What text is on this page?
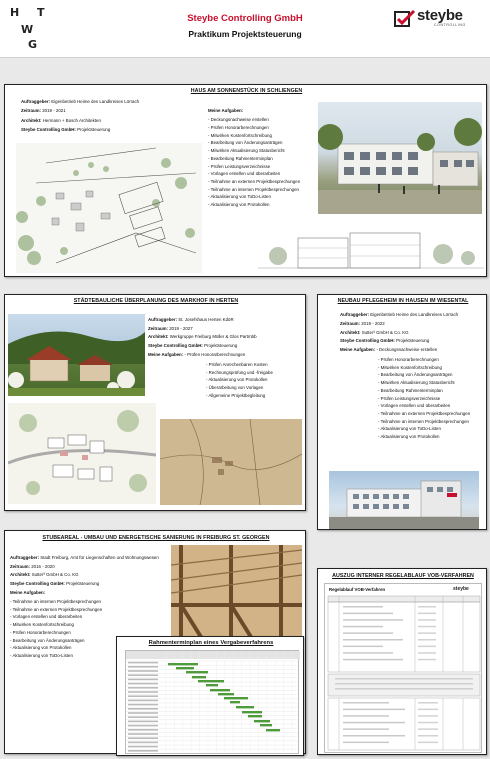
H T
W
G
Steybe Controlling GmbH
Praktikum Projektsteuerung
steybe
CONTROLLING
HAUS AM SONNENSTÜCK IN SCHLIENGEN
Auftraggeber: Eigenbetrieb Heime des Landkreises Lörrach
Zeitraum: 2019 - 2021
Architekt: Hermann + Bosch Architekten
Steybe Controlling GmbH: Projektsteuerung
Meine Aufgaben:
- Deckungsnachweise erstellen
- Prüfen Honorarberechnungen
- Mitwirken Kostenfortschreibung
- Bearbeitung von Änderungsanträgen
- Mitwirken Aktualisierung Statusbericht
- Bearbeitung Rahmenterminplan
- Prüfen Leistungsverzeichnisse
- Vorlagen erstellen und überarbeiten
- Teilnahme an externen Projektbesprechungen
- Teilnahme an internen Projektbesprechungen
- Aktualisierung von ToDo-Listen
- Aktualisierung von Protokollen
STÄDTEBAULICHE ÜBERPLANUNG DES MARKHOF IN HERTEN
Auftraggeber: St. Josefshaus Herten KdöR
Zeitraum: 2019 - 2027
Architekt: Werkgruppe Freiburg Müller & Glos Partmbb
Steybe Controlling GmbH: Projektsteuerung
Meine Aufgaben: - Prüfen Honorarberechnungen
- Prüfen Anrechenbaren Kosten
- Rechnungsprüfung und -freigabe
- Aktualisierung von Protokollen
- Überarbeitung von Vorlagen
- Allgemeine Projektbegleitung
NEUBAU PFLEGEHEIM IN HAUSEN IM WIESENTAL
Auftraggeber: Eigenbetrieb Heime des Landkreises Lörrach
Zeitraum: 2019 - 2022
Architekt: Sutter³ GmbH & Co. KG
Steybe Controlling GmbH: Projektsteuerung
Meine Aufgaben: - Deckungsnachweise erstellen
- Prüfen Honorarberechnungen
- Mitwirken Kostenfortschreibung
- Bearbeitung von Änderungsanträgen
- Mitwirken Aktualisierung Statusbericht
- Bearbeitung Rahmenterminplan
- Prüfen Leistungsverzeichnisse
- Vorlagen erstellen und überarbeiten
- Teilnahme an externen Projektbesprechungen
- Teilnahme an internen Projektbesprechungen
- Aktualisierung von ToDo-Listen
- Aktualisierung von Protokollen
STUBEAREAL - UMBAU UND ENERGETISCHE SANIERUNG IN FREIBURG ST. GEORGEN
Auftraggeber: Stadt Freiburg, Amt für Liegenschaften und Wohnungswesen
Zeitraum: 2016 - 2020
Architekt: Sutter³ GmbH & Co. KG
Steybe Controlling GmbH: Projektsteuerung
Meine Aufgaben:
- Teilnahme an internen Projektbesprechungen
- Teilnahme an externen Projektbesprechungen
- Vorlagen erstellen und überarbeiten
- Mitwirken Kostenfortschreibung
- Prüfen Honorarberechnungen
- Bearbeitung von Änderungsanträgen
- Aktualisierung von Protokollen
- Aktualisierung von ToDo-Listen
Rahmenterminplan eines Vergabeverfahrens
AUSZUG INTERNER REGELABLAUF VOB-VERFAHREN
Regelablauf VOB-Verfahren	steybe
